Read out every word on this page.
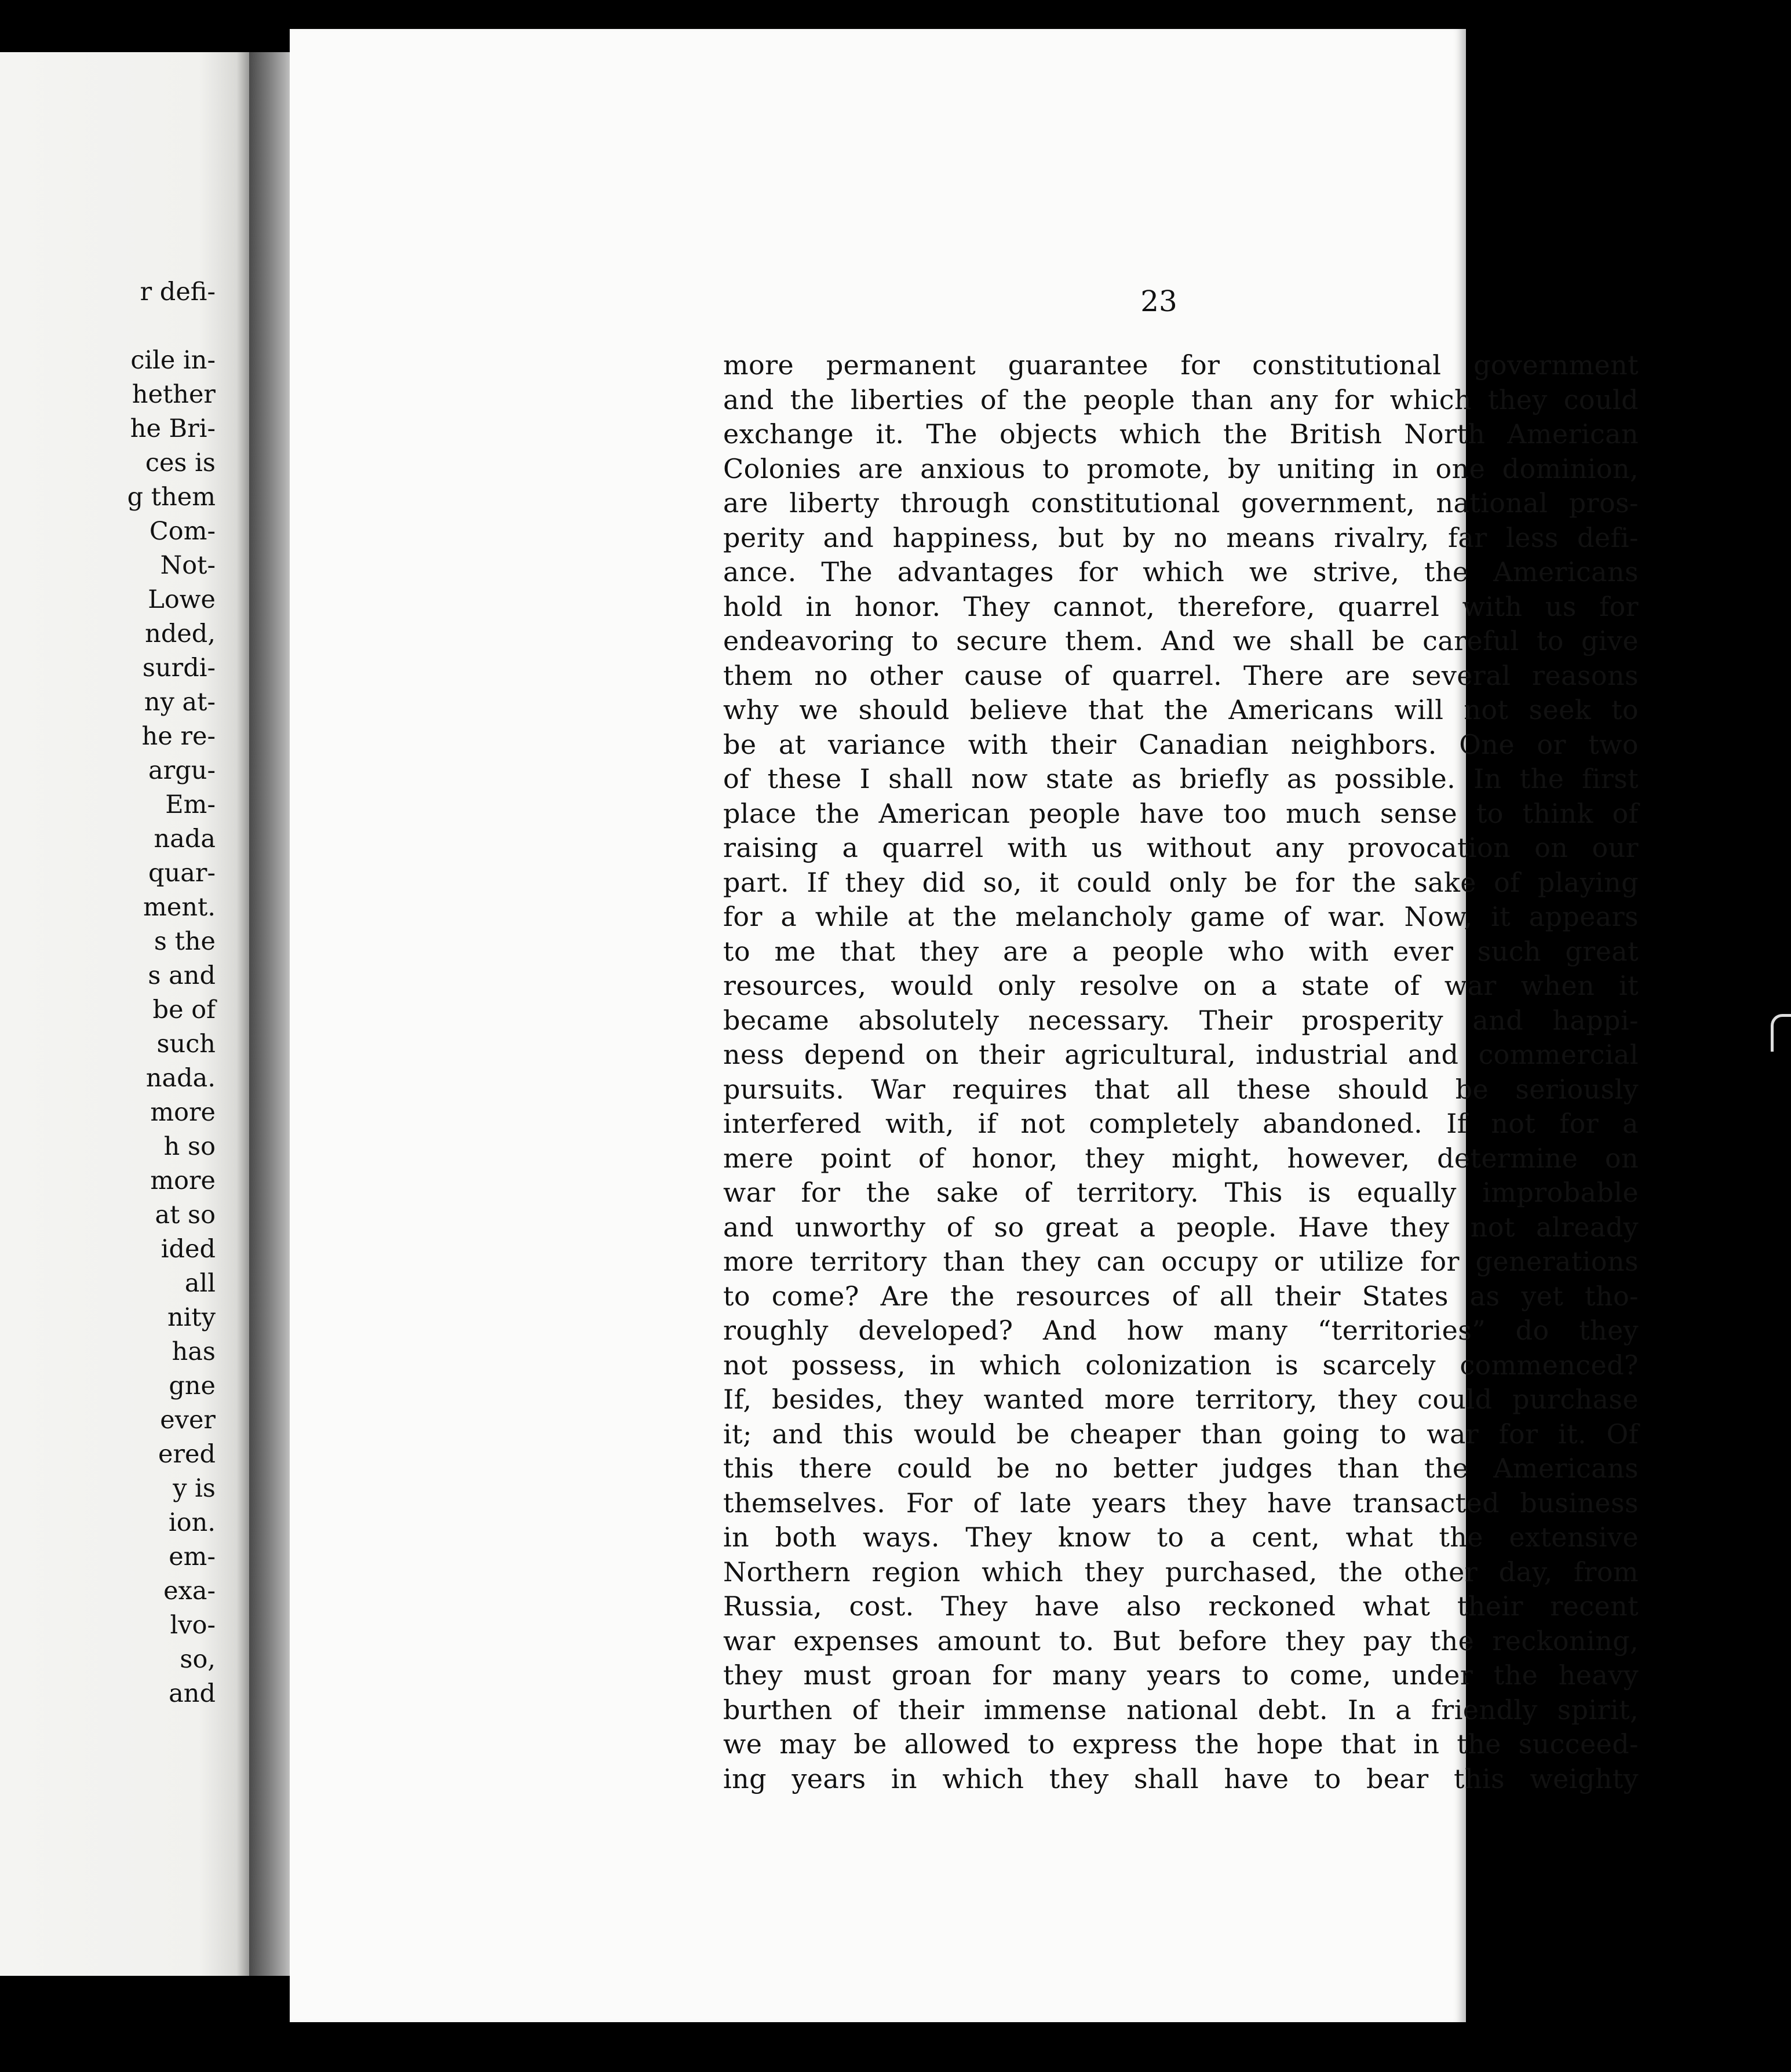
r defi-
cile in-
hether
he Bri-
ces is
g them
Com-
Not-
Lowe
nded,
surdi-
ny at-
he re-
argu-
Em-
nada
quar-
ment.
s the
s and
be of
such
nada.
more
h so
more
at so
ided
all
nity
has
gne
ever
ered
y is
ion.
em-
exa-
lvo-
so,
and
23
more permanent guarantee for constitutional government
and the liberties of the people than any for which they could
exchange it. The objects which the British North American
Colonies are anxious to promote, by uniting in one dominion,
are liberty through constitutional government, national pros-
perity and happiness, but by no means rivalry, far less defi-
ance. The advantages for which we strive, the Americans
hold in honor. They cannot, therefore, quarrel with us for
endeavoring to secure them. And we shall be careful to give
them no other cause of quarrel. There are several reasons
why we should believe that the Americans will not seek to
be at variance with their Canadian neighbors. One or two
of these I shall now state as briefly as possible. In the first
place the American people have too much sense to think of
raising a quarrel with us without any provocation on our
part. If they did so, it could only be for the sake of playing
for a while at the melancholy game of war. Now, it appears
to me that they are a people who with ever such great
resources, would only resolve on a state of war when it
became absolutely necessary. Their prosperity and happi-
ness depend on their agricultural, industrial and commercial
pursuits. War requires that all these should be seriously
interfered with, if not completely abandoned. If not for a
mere point of honor, they might, however, determine on
war for the sake of territory. This is equally improbable
and unworthy of so great a people. Have they not already
more territory than they can occupy or utilize for generations
to come? Are the resources of all their States as yet tho-
roughly developed? And how many “territories” do they
not possess, in which colonization is scarcely commenced?
If, besides, they wanted more territory, they could purchase
it; and this would be cheaper than going to war for it. Of
this there could be no better judges than the Americans
themselves. For of late years they have transacted business
in both ways. They know to a cent, what the extensive
Northern region which they purchased, the other day, from
Russia, cost. They have also reckoned what their recent
war expenses amount to. But before they pay the reckoning,
they must groan for many years to come, under the heavy
burthen of their immense national debt. In a friendly spirit,
we may be allowed to express the hope that in the succeed-
ing years in which they shall have to bear this weighty
